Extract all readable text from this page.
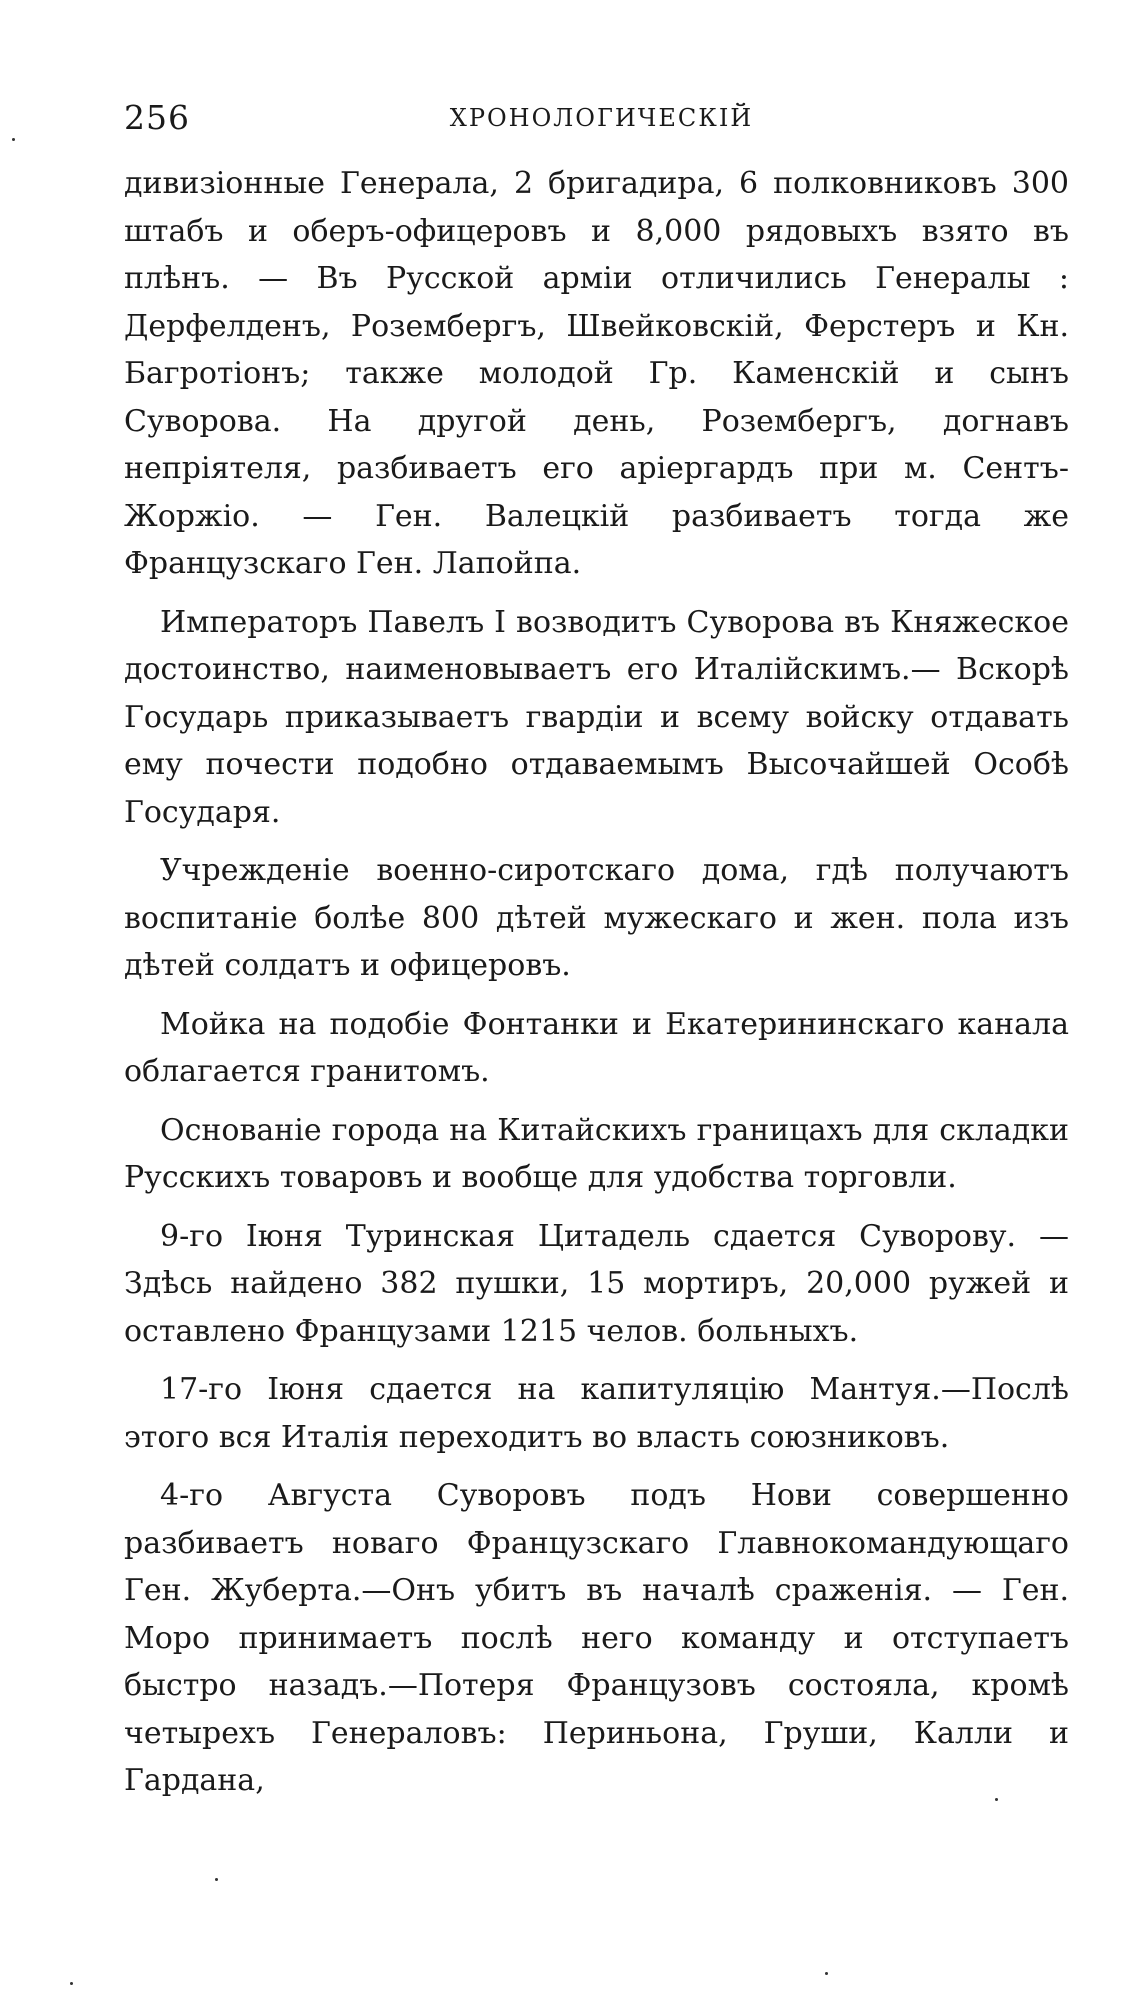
256	ХРОНОЛОГИЧЕСКІЙ

дивизіонные Генерала, 2 бригадира, 6 полковниковъ 300 штабъ и оберъ-офицеровъ и 8,000 рядовыхъ взято въ плѣнъ. — Въ Русской арміи отличились Генералы : Дерфелденъ, Розембергъ, Швейковскій, Ферстеръ и Кн. Багротіонъ; также молодой Гр. Каменскій и сынъ Суворова. На другой день, Розембергъ, догнавъ непріятеля, разбиваетъ его аріергардъ при м. Сентъ-Жоржіо. — Ген. Валецкій разбиваетъ тогда же Французскаго Ген. Лапойпа.

Императоръ Павелъ I возводитъ Суворова въ Княжеское достоинство, наименовываетъ его Италійскимъ.— Вскорѣ Государь приказываетъ гвардіи и всему войску отдавать ему почести подобно отдаваемымъ Высочайшей Особѣ Государя.

Учрежденіе военно-сиротскаго дома, гдѣ получаютъ воспитаніе болѣе 800 дѣтей мужескаго и жен. пола изъ дѣтей солдатъ и офицеровъ.

Мойка на подобіе Фонтанки и Екатерининскаго канала облагается гранитомъ.

Основаніе города на Китайскихъ границахъ для складки Русскихъ товаровъ и вообще для удобства торговли.

9-го Іюня Туринская Цитадель сдается Суворову. — Здѣсь найдено 382 пушки, 15 мортиръ, 20,000 ружей и оставлено Французами 1215 челов. больныхъ.

17-го Іюня сдается на капитуляцію Мантуя.—Послѣ этого вся Италія переходитъ во власть союзниковъ.

4-го Августа Суворовъ подъ Нови совершенно разбиваетъ новаго Французскаго Главнокомандующаго Ген. Жуберта.—Онъ убитъ въ началѣ сраженія. — Ген. Моро принимаетъ послѣ него команду и отступаетъ быстро назадъ.—Потеря Французовъ состояла, кромѣ четырехъ Генераловъ: Периньона, Груши, Калли и Гардана,
